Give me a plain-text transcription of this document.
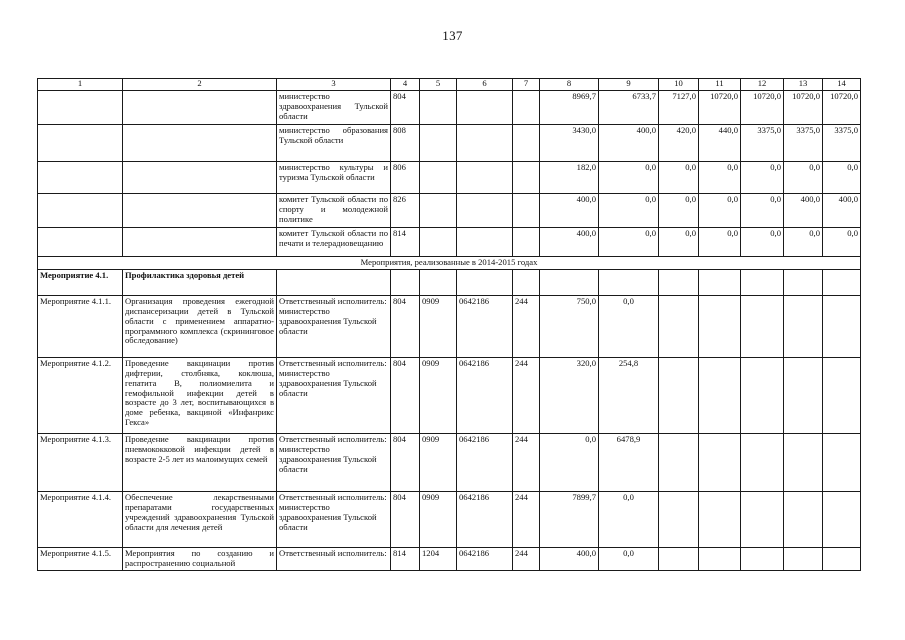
137
1	2	3	4	5	6	7	8	9	10	11	12	13	14
		министерство здравоохранения Тульской области	804				8969,7	6733,7	7127,0	10720,0	10720,0	10720,0	10720,0
		министерство образования Тульской области	808				3430,0	400,0	420,0	440,0	3375,0	3375,0	3375,0
		министерство культуры и туризма Тульской области	806				182,0	0,0	0,0	0,0	0,0	0,0	0,0
		комитет Тульской области по спорту и молодежной политике	826				400,0	0,0	0,0	0,0	0,0	400,0	400,0
		комитет Тульской области по печати и телерадиовещанию	814				400,0	0,0	0,0	0,0	0,0	0,0	0,0
Мероприятия, реализованные в 2014-2015 годах													
Мероприятие 4.1.	Профилактика здоровья детей												
Мероприятие 4.1.1.	Организация проведения ежегодной диспансеризации детей в Тульской области с применением аппаратно-программного комплекса (скрининговое обследование)	Ответственный исполнитель: министерство здравоохранения Тульской области	804	0909	0642186	244	750,0	0,0					
Мероприятие 4.1.2.	Проведение вакцинации против дифтерии, столбняка, коклюша, гепатита В, полиомиелита и гемофильной инфекции детей в возрасте до 3 лет, воспитывающихся в доме ребенка, вакциной «Инфанрикс Гекса»	Ответственный исполнитель: министерство здравоохранения Тульской области	804	0909	0642186	244	320,0	254,8					
Мероприятие 4.1.3.	Проведение вакцинации против пневмококковой инфекции детей в возрасте 2-5 лет из малоимущих семей	Ответственный исполнитель: министерство здравоохранения Тульской области	804	0909	0642186	244	0,0	6478,9					
Мероприятие 4.1.4.	Обеспечение лекарственными препаратами государственных учреждений здравоохранения Тульской области для лечения детей	Ответственный исполнитель: министерство здравоохранения Тульской области	804	0909	0642186	244	7899,7	0,0					
Мероприятие 4.1.5.	Мероприятия по созданию и распространению социальной	Ответственный исполнитель:	814	1204	0642186	244	400,0	0,0					
